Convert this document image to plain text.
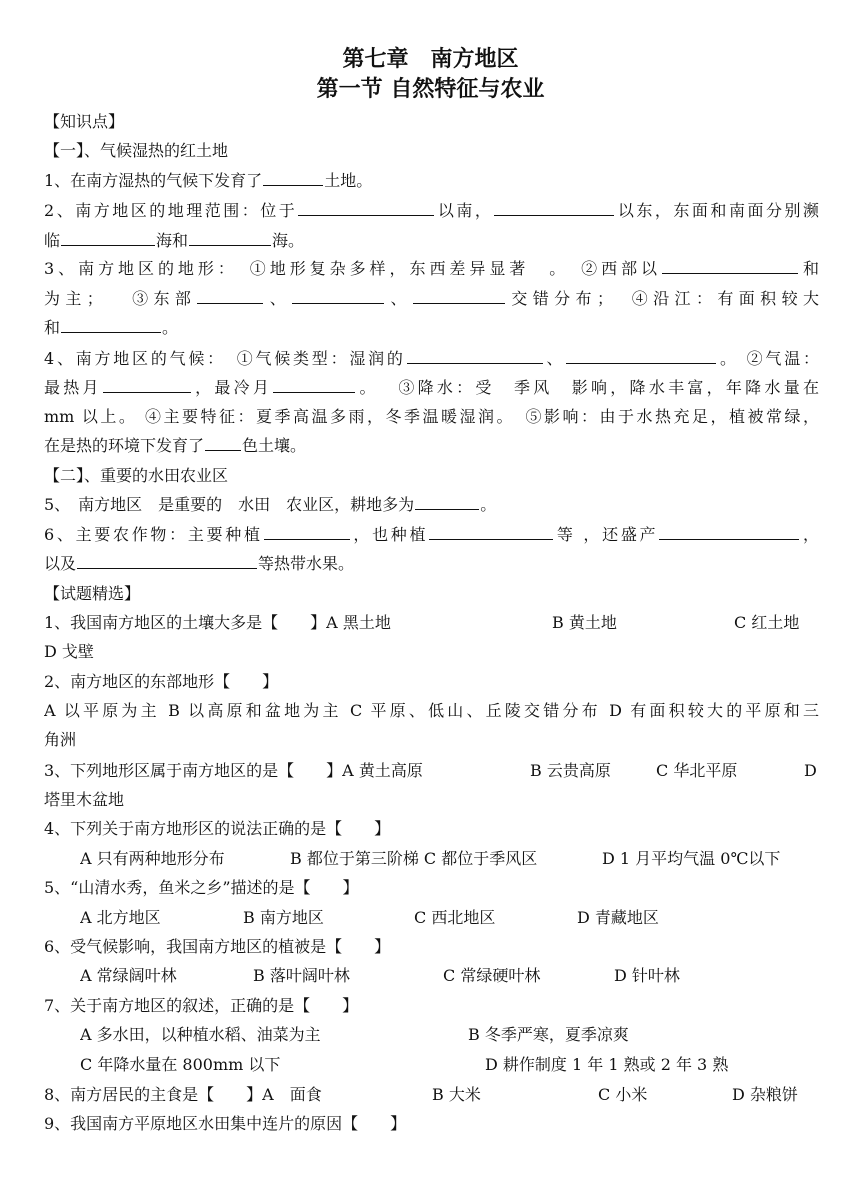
第七章　南方地区
第一节 自然特征与农业
【知识点】
【一】、气候湿热的红土地
1、在南方湿热的气候下发育了	土地。
2、南方地区的地理范围：位于	以南，	以东，东面和南面分别濒
临	海和	海。
3、南方地区的地形：　①地形复杂多样，东西差异显著　。　②西部以	和
为主；　 ③东部	、	、	交错分布；　④沿江：有面积较大
和	。
4、南方地区的气候：　①气候类型：湿润的	、	。 ②气温：
最热月	，最冷月	。　 ③降水：受　季风　影响，降水丰富，年降水量在
mm 以上。 ④主要特征：夏季高温多雨，冬季温暖湿润。　⑤影响：由于水热充足，植被常绿，
在是热的环境下发育了 色土壤。
【二】、重要的水田农业区
5、　南方地区　是重要的　水田　农业区，耕地多为	。
6、主要农作物：主要种植	，也种植	等 ，还盛产	，
以及	等热带水果。
【试题精选】
1、我国南方地区的土壤大多是【　　】A 黑土地	B 黄土地	C 红土地
D 戈壁
2、南方地区的东部地形【　　】
A 以平原为主 B 以高原和盆地为主 C 平原、低山、丘陵交错分布 D 有面积较大的平原和三
角洲
3、下列地形区属于南方地区的是【　　】A 黄土高原	B 云贵高原	C 华北平原	D
塔里木盆地
4、下列关于南方地形区的说法正确的是【　　】
A 只有两种地形分布	B 都位于第三阶梯 C 都位于季风区	D 1 月平均气温 0℃以下
5、“山清水秀，鱼米之乡”描述的是【　　】
A 北方地区	B 南方地区	C 西北地区	D 青藏地区
6、受气候影响，我国南方地区的植被是【　　】
A 常绿阔叶林	B 落叶阔叶林	C 常绿硬叶林	D 针叶林
7、关于南方地区的叙述，正确的是【　　】
A 多水田，以种植水稻、油菜为主	B 冬季严寒，夏季凉爽
C 年降水量在 800mm 以下	D 耕作制度 1 年 1 熟或 2 年 3 熟
8、南方居民的主食是【　　】A　面食	B 大米	C 小米	D 杂粮饼
9、我国南方平原地区水田集中连片的原因【　　】
